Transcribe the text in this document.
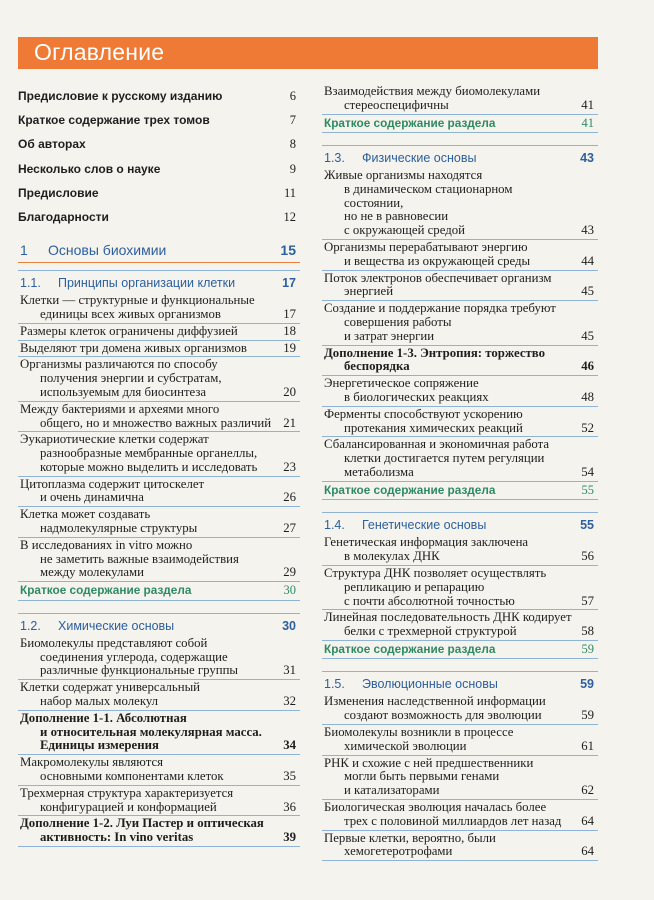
Оглавление
Предисловие к русскому изданию	6
Краткое содержание трех томов	7
Об авторах	8
Несколько слов о науке	9
Предисловие	11
Благодарности	12
1 Основы биохимии	15
1.1. Принципы организации клетки	17
Клетки — структурные и функциональные
единицы всех живых организмов	17
Размеры клеток ограничены диффузией	18
Выделяют три домена живых организмов	19
Организмы различаются по способу
получения энергии и субстратам,
используемым для биосинтеза	20
Между бактериями и археями много
общего, но и множество важных различий 21
Эукариотические клетки содержат
разнообразные мембранные органеллы,
которые можно выделить и исследовать	23
Цитоплазма содержит цитоскелет
и очень динамична	26
Клетка может создавать
надмолекулярные структуры	27
В исследованиях in vitro можно
не заметить важные взаимодействия
между молекулами	29
Краткое содержание раздела	30
1.2. Химические основы	30
Биомолекулы представляют собой
соединения углерода, содержащие
различные функциональные группы	31
Клетки содержат универсальный
набор малых молекул	32
Дополнение 1-1. Абсолютная
и относительная молекулярная масса.
Единицы измерения	34
Макромолекулы являются
основными компонентами клеток	35
Трехмерная структура характеризуется
конфигурацией и конформацией	36
Дополнение 1-2. Луи Пастер и оптическая
активность: In vino veritas	39
Взаимодействия между биомолекулами
стереоспецифичны	41
Краткое содержание раздела	41
1.3. Физические основы	43
Живые организмы находятся
в динамическом стационарном состоянии,
но не в равновесии
с окружающей средой	43
Организмы перерабатывают энергию
и вещества из окружающей среды	44
Поток электронов обеспечивает организм
энергией	45
Создание и поддержание порядка требуют
совершения работы
и затрат энергии	45
Дополнение 1-3. Энтропия: торжество
беспорядка	46
Энергетическое сопряжение
в биологических реакциях	48
Ферменты способствуют ускорению
протекания химических реакций	52
Сбалансированная и экономичная работа
клетки достигается путем регуляции
метаболизма	54
Краткое содержание раздела	55
1.4. Генетические основы	55
Генетическая информация заключена
в молекулах ДНК	56
Структура ДНК позволяет осуществлять
репликацию и репарацию
с почти абсолютной точностью	57
Линейная последовательность ДНК кодирует
белки с трехмерной структурой	58
Краткое содержание раздела	59
1.5. Эволюционные основы	59
Изменения наследственной информации
создают возможность для эволюции	59
Биомолекулы возникли в процессе
химической эволюции	61
РНК и схожие с ней предшественники
могли быть первыми генами
и катализаторами	62
Биологическая эволюция началась более
трех с половиной миллиардов лет назад	64
Первые клетки, вероятно, были
хемогетеротрофами	64
